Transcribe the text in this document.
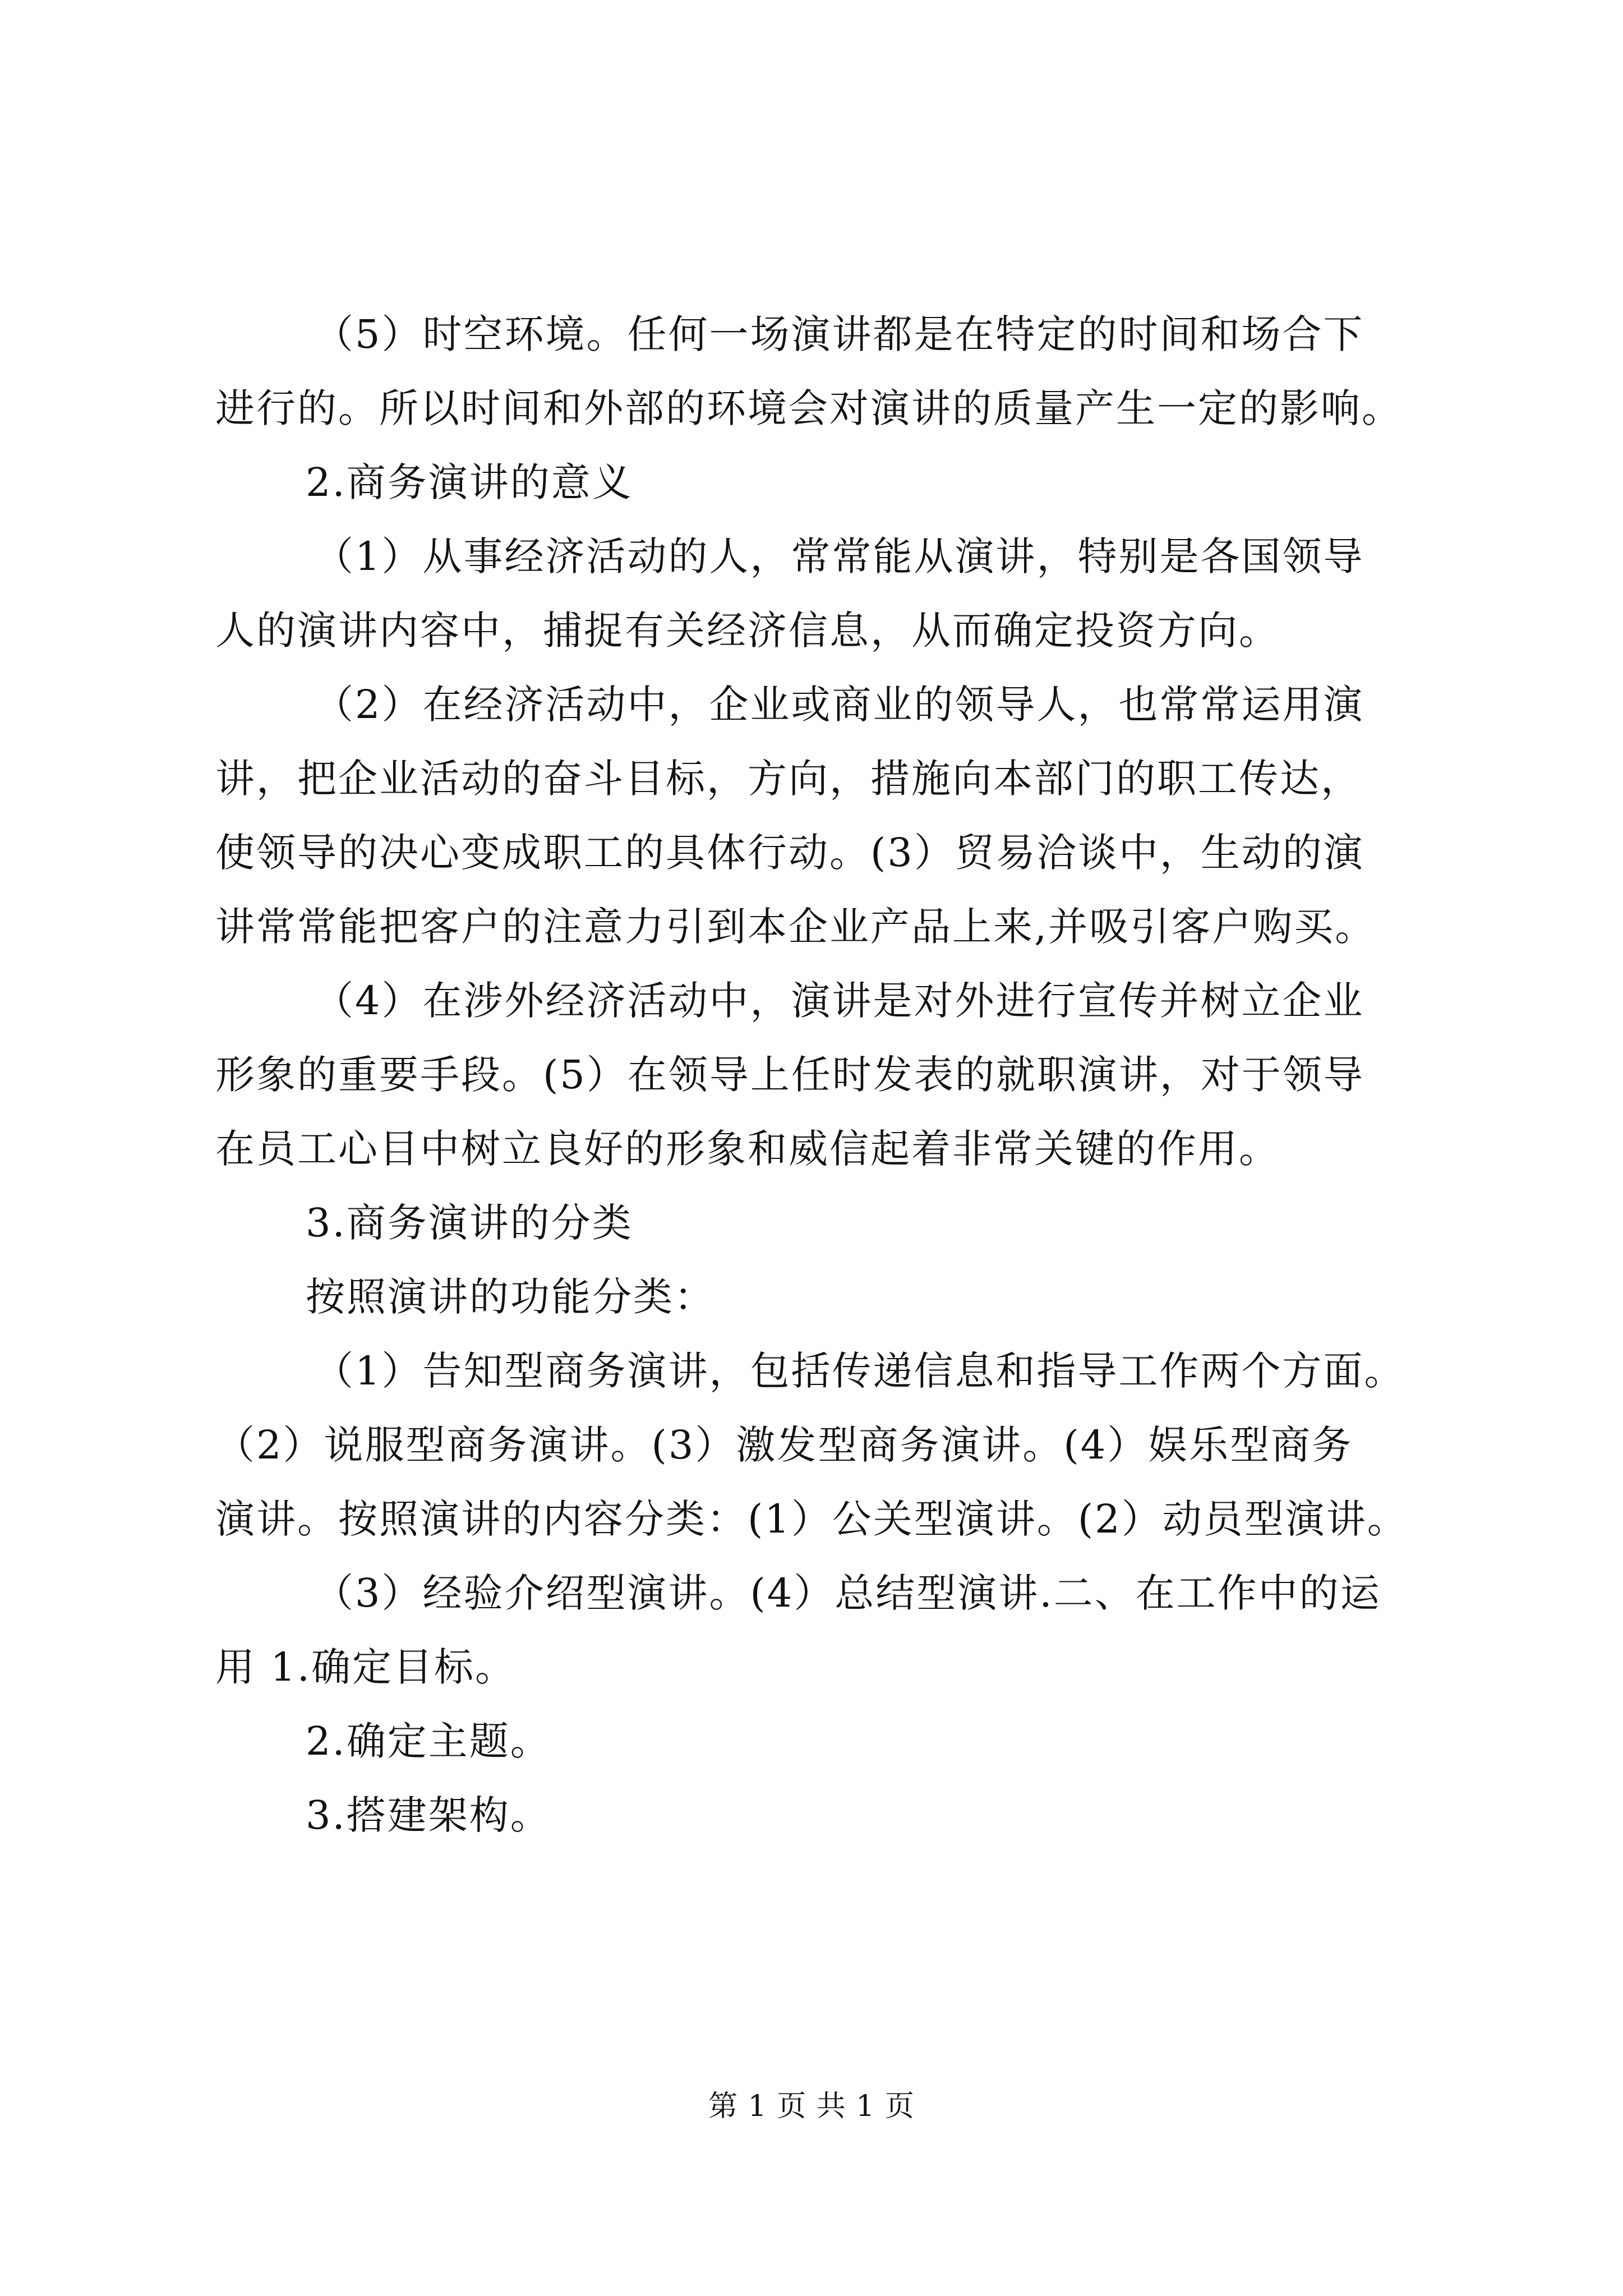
（5）时空环境。任何一场演讲都是在特定的时间和场合下
进行的。所以时间和外部的环境会对演讲的质量产生一定的影响。
2.商务演讲的意义
（1）从事经济活动的人，常常能从演讲，特别是各国领导
人的演讲内容中，捕捉有关经济信息，从而确定投资方向。
（2）在经济活动中，企业或商业的领导人，也常常运用演
讲，把企业活动的奋斗目标，方向，措施向本部门的职工传达，
使领导的决心变成职工的具体行动。(3）贸易洽谈中，生动的演
讲常常能把客户的注意力引到本企业产品上来,并吸引客户购买。
（4）在涉外经济活动中，演讲是对外进行宣传并树立企业
形象的重要手段。(5）在领导上任时发表的就职演讲，对于领导
在员工心目中树立良好的形象和威信起着非常关键的作用。
3.商务演讲的分类
按照演讲的功能分类：
（1）告知型商务演讲，包括传递信息和指导工作两个方面。
（2）说服型商务演讲。(3）激发型商务演讲。(4）娱乐型商务
演讲。按照演讲的内容分类：(1）公关型演讲。(2）动员型演讲。
（3）经验介绍型演讲。(4）总结型演讲.二、在工作中的运
用 1.确定目标。
2.确定主题。
3.搭建架构。
第 1 页 共 1 页
